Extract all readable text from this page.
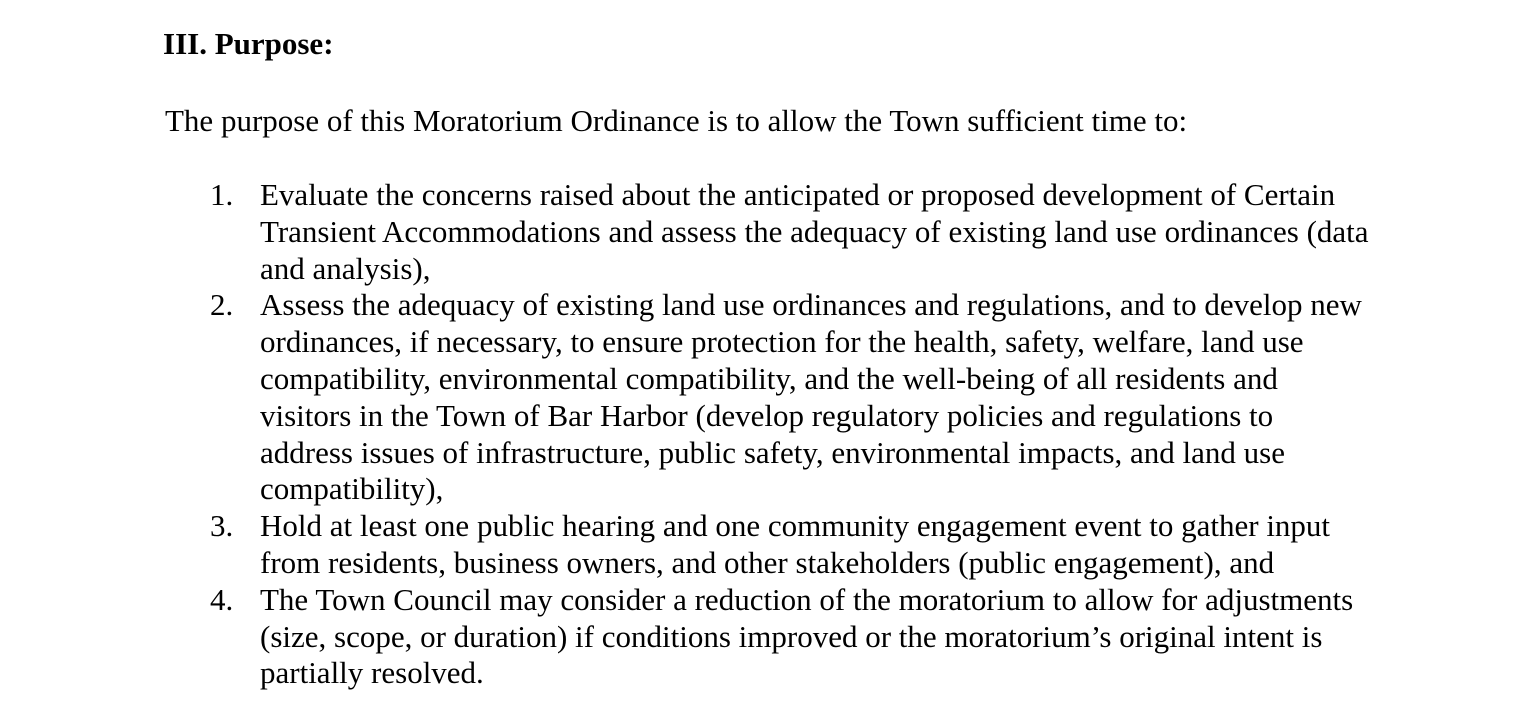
III. Purpose:
The purpose of this Moratorium Ordinance is to allow the Town sufficient time to:
1. Evaluate the concerns raised about the anticipated or proposed development of Certain
Transient Accommodations and assess the adequacy of existing land use ordinances (data
and analysis),
2. Assess the adequacy of existing land use ordinances and regulations, and to develop new
ordinances, if necessary, to ensure protection for the health, safety, welfare, land use
compatibility, environmental compatibility, and the well-being of all residents and
visitors in the Town of Bar Harbor (develop regulatory policies and regulations to
address issues of infrastructure, public safety, environmental impacts, and land use
compatibility),
3. Hold at least one public hearing and one community engagement event to gather input
from residents, business owners, and other stakeholders (public engagement), and
4. The Town Council may consider a reduction of the moratorium to allow for adjustments
(size, scope, or duration) if conditions improved or the moratorium’s original intent is
partially resolved.
